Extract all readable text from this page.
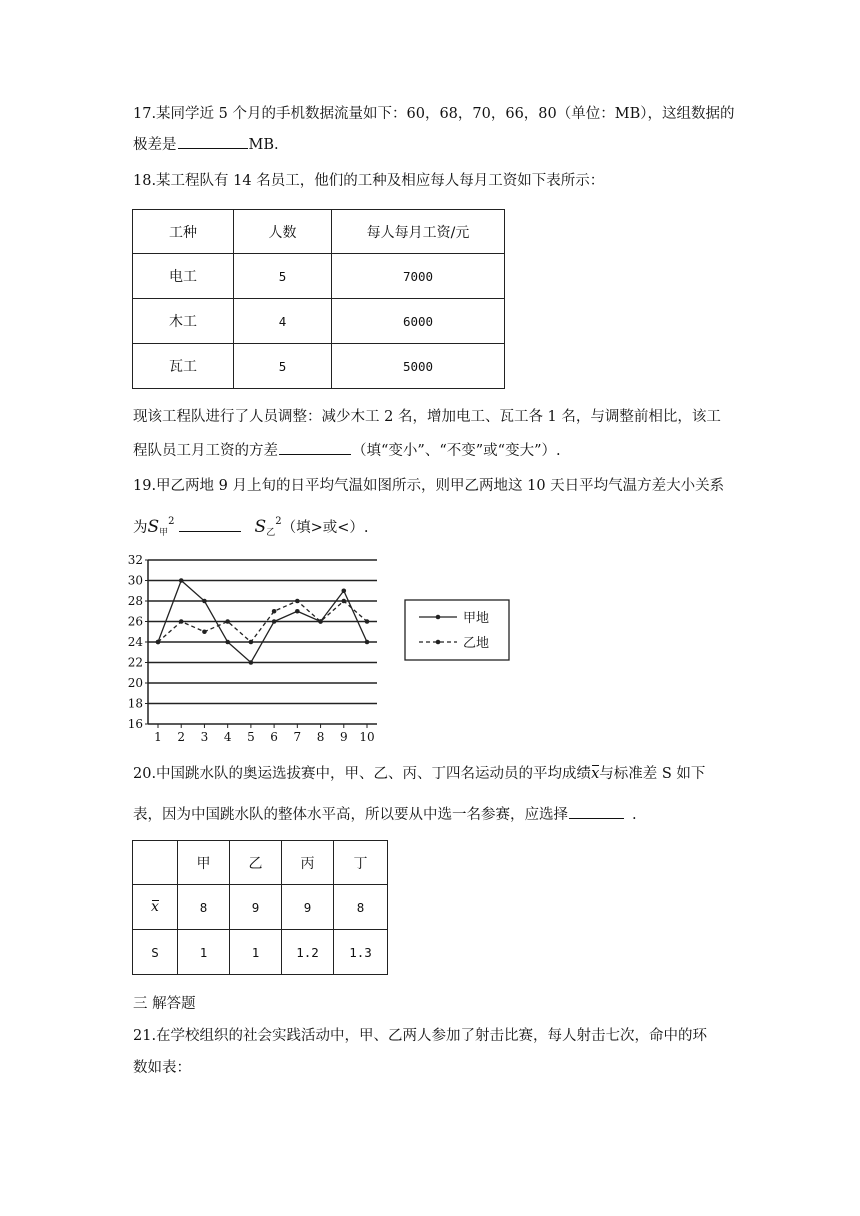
17.某同学近 5 个月的手机数据流量如下：60，68，70，66，80（单位：MB），这组数据的

极差是	MB.

18.某工程队有 14 名员工，他们的工种及相应每人每月工资如下表所示：

工种	人数	每人每月工资/元
电工	5	7000
木工	4	6000
瓦工	5	5000

现该工程队进行了人员调整：减少木工 2 名，增加电工、瓦工各 1 名，与调整前相比，该工

程队员工月工资的方差	（填“变小”、“不变”或“变大”）.

19.甲乙两地 9 月上旬的日平均气温如图所示，则甲乙两地这 10 天日平均气温方差大小关系

为$S_甲^2$	$S_乙^2$（填>或<）.

16
18
20
22
24
26
28
30
32
1 2 3 4 5 6 7 8 9 10
甲地
乙地

20.中国跳水队的奥运选拔赛中，甲、乙、丙、丁四名运动员的平均成绩x与标准差 S 如下

表，因为中国跳水队的整体水平高，所以要从中选一名参赛，应选择	.

	甲	乙	丙	丁
x	8	9	9	8
S	1	1	1.2	1.3

三 解答题

21.在学校组织的社会实践活动中，甲、乙两人参加了射击比赛，每人射击七次，命中的环

数如表：
